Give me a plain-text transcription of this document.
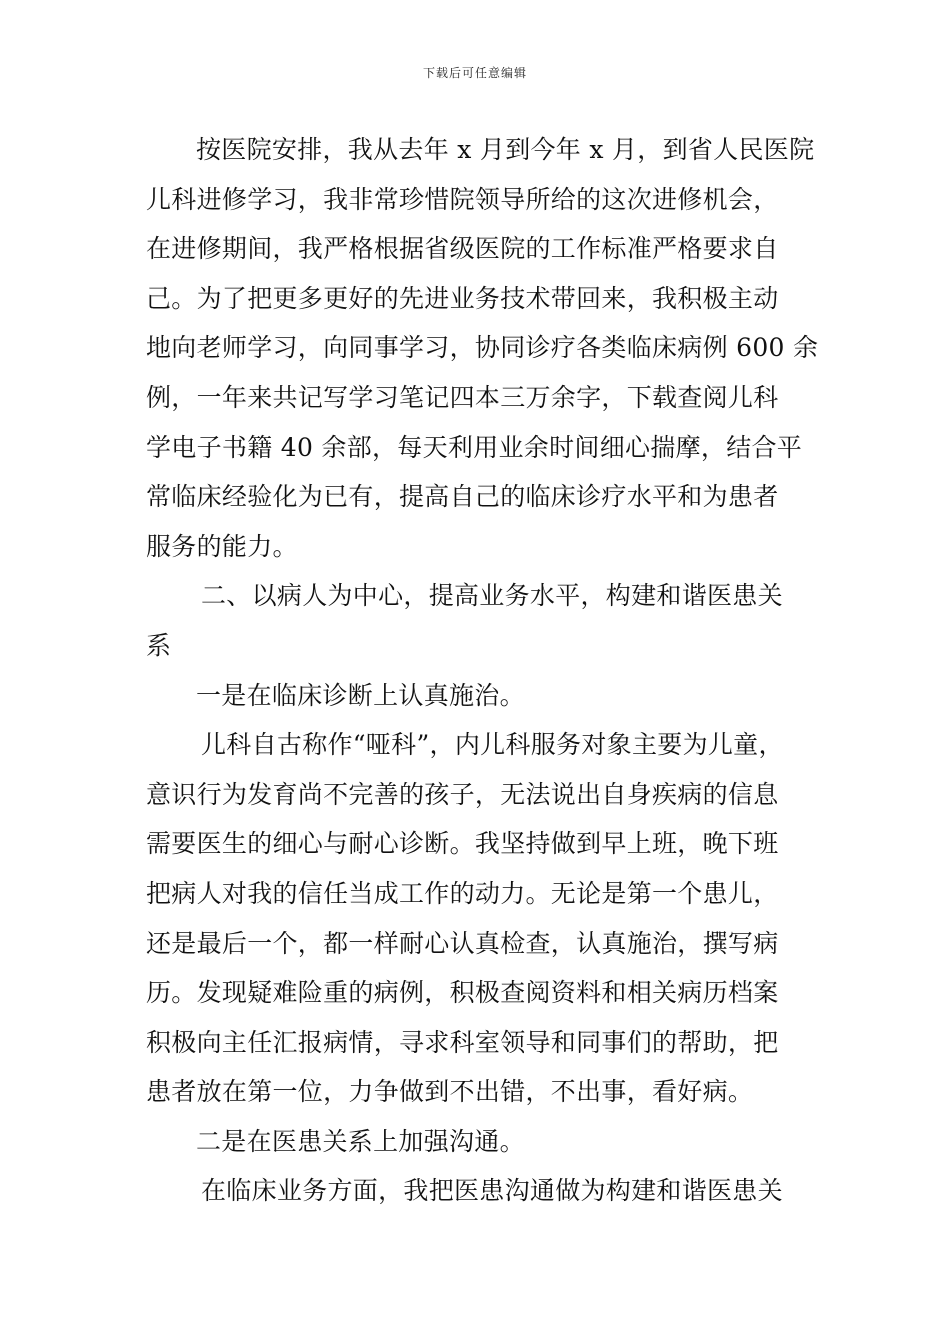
下载后可任意编辑
按医院安排，我从去年 x 月到今年 x 月，到省人民医院
儿科进修学习，我非常珍惜院领导所给的这次进修机会，
在进修期间，我严格根据省级医院的工作标准严格要求自
己。为了把更多更好的先进业务技术带回来，我积极主动
地向老师学习，向同事学习，协同诊疗各类临床病例 600 余
例，一年来共记写学习笔记四本三万余字，下载查阅儿科
学电子书籍 40 余部，每天利用业余时间细心揣摩，结合平
常临床经验化为已有，提高自己的临床诊疗水平和为患者
服务的能力。
二、以病人为中心，提高业务水平，构建和谐医患关
系
一是在临床诊断上认真施治。
儿科自古称作“哑科”，内儿科服务对象主要为儿童，
意识行为发育尚不完善的孩子，无法说出自身疾病的信息
需要医生的细心与耐心诊断。我坚持做到早上班，晚下班
把病人对我的信任当成工作的动力。无论是第一个患儿，
还是最后一个，都一样耐心认真检查，认真施治，撰写病
历。发现疑难险重的病例，积极查阅资料和相关病历档案
积极向主任汇报病情，寻求科室领导和同事们的帮助，把
患者放在第一位，力争做到不出错，不出事，看好病。
二是在医患关系上加强沟通。
在临床业务方面，我把医患沟通做为构建和谐医患关
